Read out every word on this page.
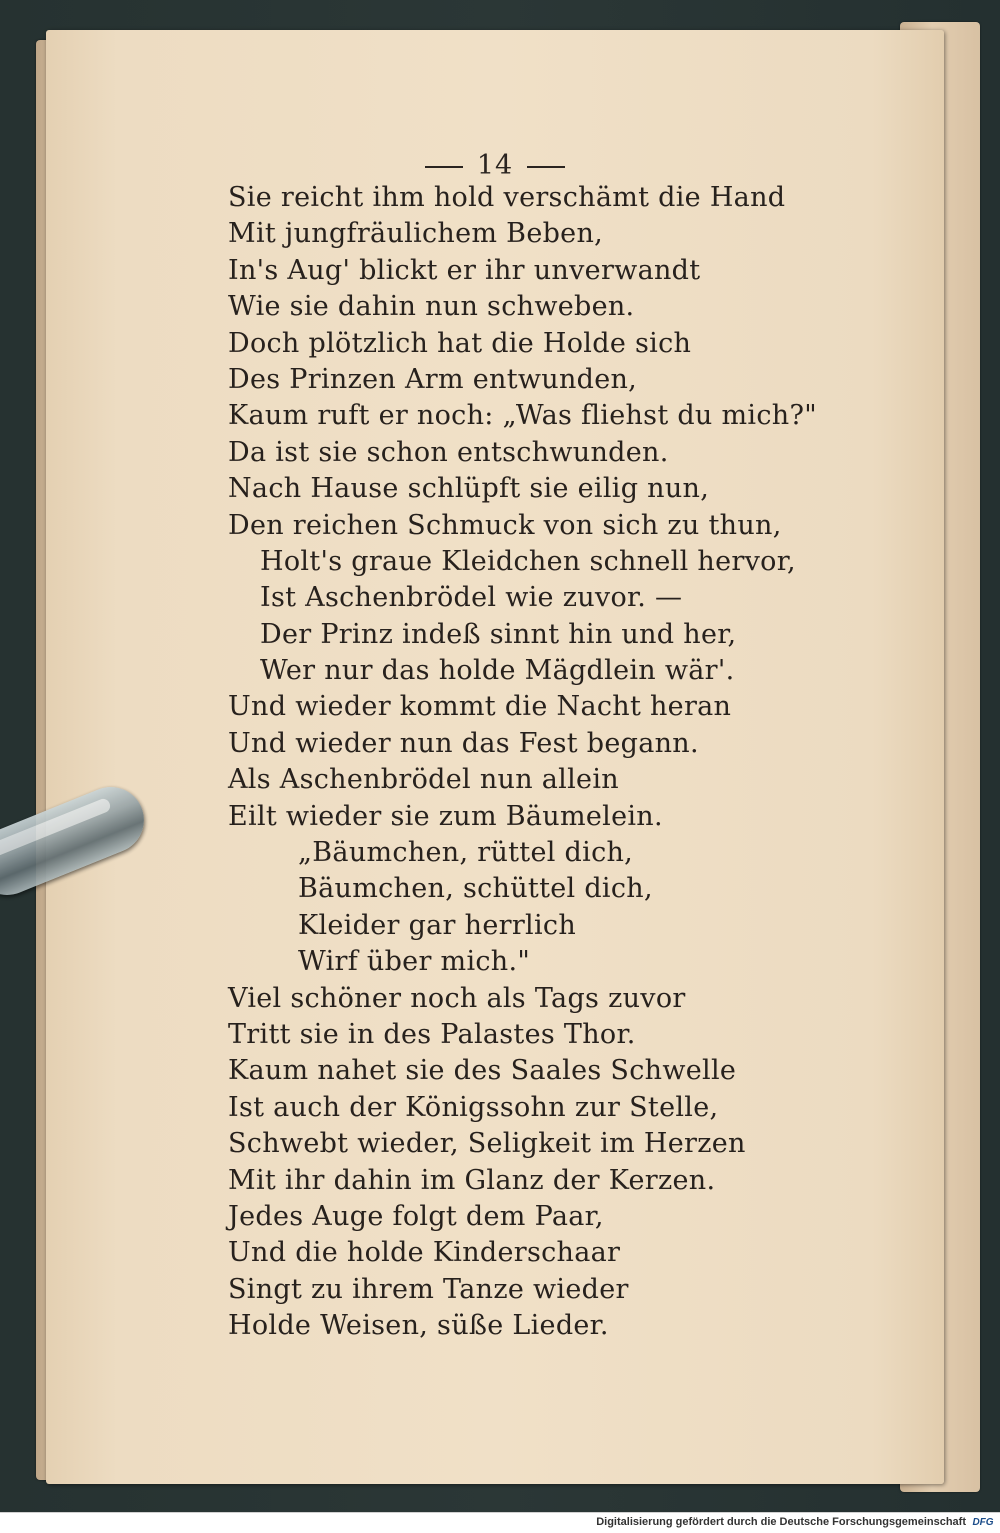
14
Sie reicht ihm hold verschämt die Hand
Mit jungfräulichem Beben,
In's Aug' blickt er ihr unverwandt
Wie sie dahin nun schweben.
Doch plötzlich hat die Holde sich
Des Prinzen Arm entwunden,
Kaum ruft er noch: „Was fliehst du mich?"
Da ist sie schon entschwunden.
Nach Hause schlüpft sie eilig nun,
Den reichen Schmuck von sich zu thun,
Holt's graue Kleidchen schnell hervor,
Ist Aschenbrödel wie zuvor. —
Der Prinz indeß sinnt hin und her,
Wer nur das holde Mägdlein wär'.
Und wieder kommt die Nacht heran
Und wieder nun das Fest begann.
Als Aschenbrödel nun allein
Eilt wieder sie zum Bäumelein.
„Bäumchen, rüttel dich,
Bäumchen, schüttel dich,
Kleider gar herrlich
Wirf über mich."
Viel schöner noch als Tags zuvor
Tritt sie in des Palastes Thor.
Kaum nahet sie des Saales Schwelle
Ist auch der Königssohn zur Stelle,
Schwebt wieder, Seligkeit im Herzen
Mit ihr dahin im Glanz der Kerzen.
Jedes Auge folgt dem Paar,
Und die holde Kinderschaar
Singt zu ihrem Tanze wieder
Holde Weisen, süße Lieder.
Digitalisierung gefördert durch die Deutsche Forschungsgemeinschaft DFG
